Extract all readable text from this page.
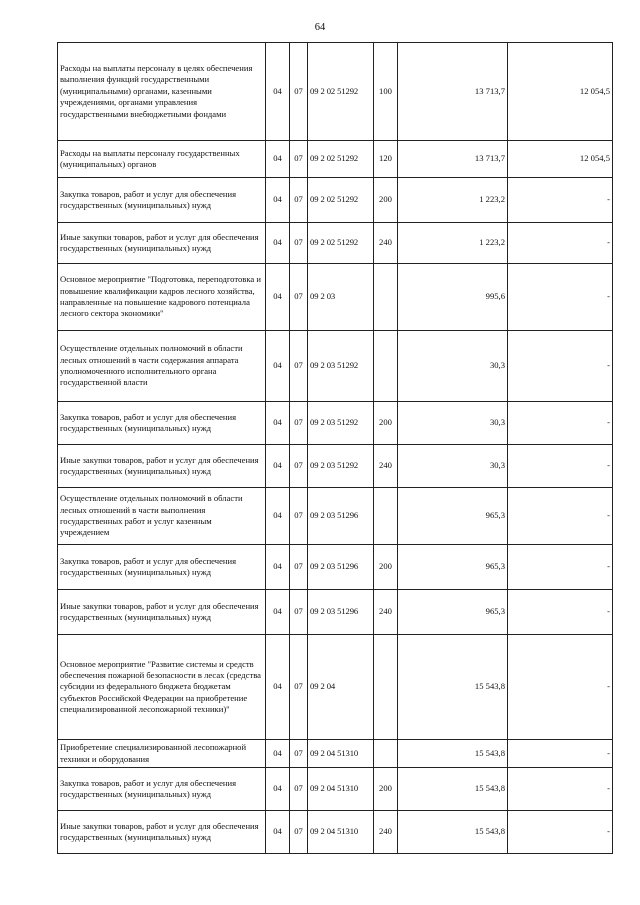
64
Расходы на выплаты персоналу в целях обеспечения выполнения функций государственными (муниципальными) органами, казенными учреждениями, органами управления государственными внебюджетными фондами	04	07	09 2 02 51292	100	13 713,7	12 054,5
Расходы на выплаты персоналу государственных (муниципальных) органов	04	07	09 2 02 51292	120	13 713,7	12 054,5
Закупка товаров, работ и услуг для обеспечения государственных (муниципальных) нужд	04	07	09 2 02 51292	200	1 223,2	-
Иные закупки товаров, работ и услуг для обеспечения государственных (муниципальных) нужд	04	07	09 2 02 51292	240	1 223,2	-
Основное мероприятие "Подготовка, переподготовка и повышение квалификации кадров лесного хозяйства, направленные на повышение кадрового потенциала лесного сектора экономики"	04	07	09 2 03		995,6	-
Осуществление отдельных полномочий в области лесных отношений в части содержания аппарата уполномоченного исполнительного органа государственной власти	04	07	09 2 03 51292		30,3	-
Закупка товаров, работ и услуг для обеспечения государственных (муниципальных) нужд	04	07	09 2 03 51292	200	30,3	-
Иные закупки товаров, работ и услуг для обеспечения государственных (муниципальных) нужд	04	07	09 2 03 51292	240	30,3	-
Осуществление отдельных полномочий в области лесных отношений в части выполнения государственных работ и услуг казенным учреждением	04	07	09 2 03 51296		965,3	-
Закупка товаров, работ и услуг для обеспечения государственных (муниципальных) нужд	04	07	09 2 03 51296	200	965,3	-
Иные закупки товаров, работ и услуг для обеспечения государственных (муниципальных) нужд	04	07	09 2 03 51296	240	965,3	-
Основное мероприятие "Развитие системы и средств обеспечения пожарной безопасности в лесах (средства субсидии из федерального бюджета бюджетам субъектов Российской Федерации на приобретение специализированной лесопожарной техники)"	04	07	09 2 04		15 543,8	-
Приобретение специализированной лесопожарной техники и оборудования	04	07	09 2 04 51310		15 543,8	-
Закупка товаров, работ и услуг для обеспечения государственных (муниципальных) нужд	04	07	09 2 04 51310	200	15 543,8	-
Иные закупки товаров, работ и услуг для обеспечения государственных (муниципальных) нужд	04	07	09 2 04 51310	240	15 543,8	-
